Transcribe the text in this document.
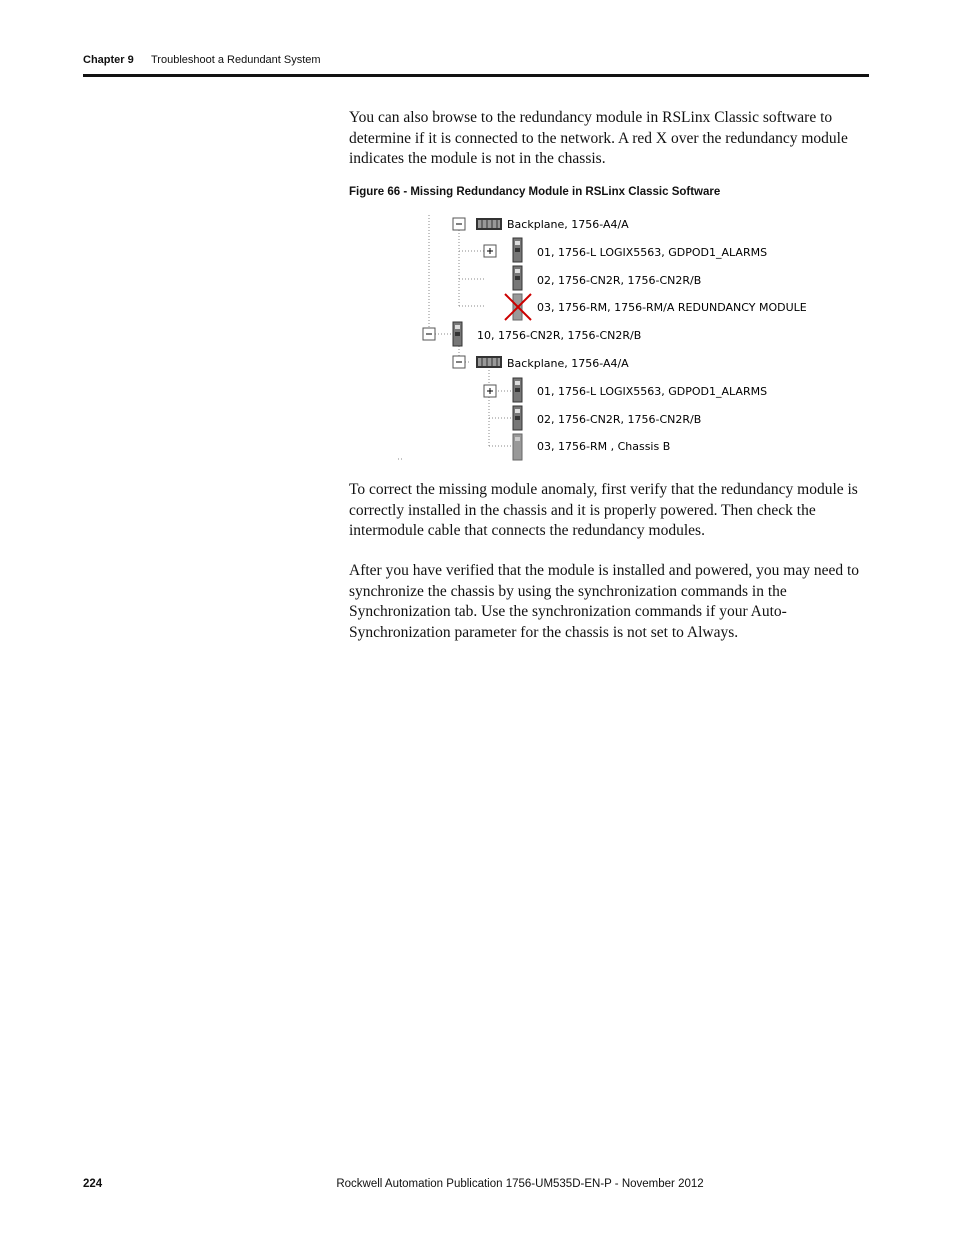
Chapter 9 Troubleshoot a Redundant System

You can also browse to the redundancy module in RSLinx Classic software to determine if it is connected to the network. A red X over the redundancy module indicates the module is not in the chassis.

Figure 66 - Missing Redundancy Module in RSLinx Classic Software
Backplane, 1756-A4/A
01, 1756-L LOGIX5563, GDPOD1_ALARMS
02, 1756-CN2R, 1756-CN2R/B
03, 1756-RM, 1756-RM/A REDUNDANCY MODULE
10, 1756-CN2R, 1756-CN2R/B
Backplane, 1756-A4/A
01, 1756-L LOGIX5563, GDPOD1_ALARMS
02, 1756-CN2R, 1756-CN2R/B
03, 1756-RM , Chassis B

To correct the missing module anomaly, first verify that the redundancy module is correctly installed in the chassis and it is properly powered. Then check the intermodule cable that connects the redundancy modules.

After you have verified that the module is installed and powered, you may need to synchronize the chassis by using the synchronization commands in the Synchronization tab. Use the synchronization commands if your Auto-Synchronization parameter for the chassis is not set to Always.

224	Rockwell Automation Publication 1756-UM535D-EN-P - November 2012
